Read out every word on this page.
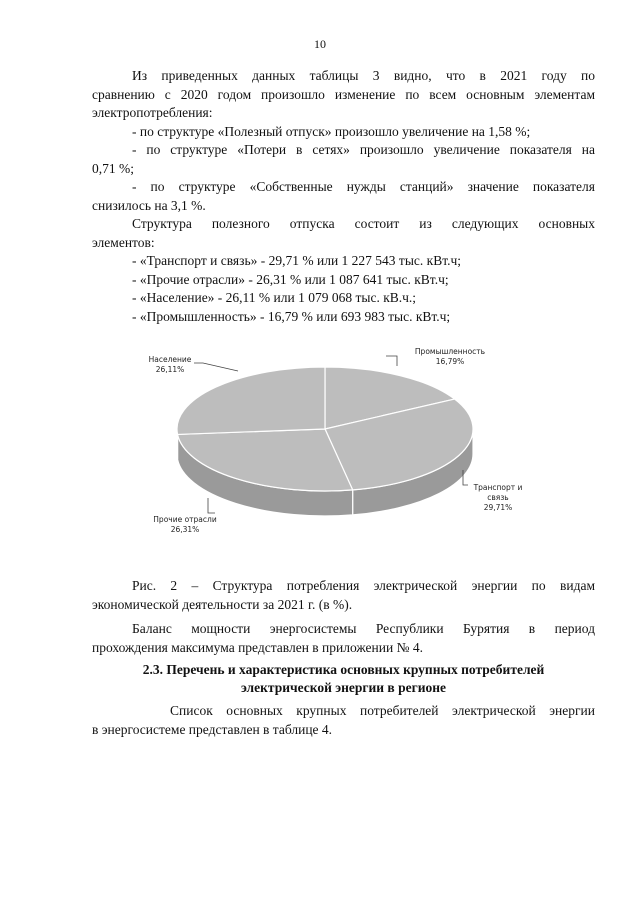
10
Из приведенных данных таблицы 3 видно, что в 2021 году по
сравнению с 2020 годом произошло изменение по всем основным элементам
электропотребления:
- по структуре «Полезный отпуск» произошло увеличение на 1,58 %;
- по структуре «Потери в сетях» произошло увеличение показателя на
0,71 %;
- по структуре «Собственные нужды станций» значение показателя
снизилось на 3,1 %.
Структура полезного отпуска состоит из следующих основных
элементов:
- «Транспорт и связь» - 29,71 % или 1 227 543 тыс. кВт.ч;
- «Прочие отрасли» - 26,31 % или 1 087 641 тыс. кВт.ч;
- «Население» - 26,11 % или 1 079 068 тыс. кВ.ч.;
- «Промышленность» - 16,79 % или 693 983 тыс. кВт.ч;
Промышленность 16,79%
Транспорт и связь 29,71%
Прочие отрасли 26,31%
Население 26,11%
Рис. 2 – Структура потребления электрической энергии по видам
экономической деятельности за 2021 г. (в %).
Баланс мощности энергосистемы Республики Бурятия в период
прохождения максимума представлен в приложении № 4.
2.3. Перечень и характеристика основных крупных потребителей
электрической энергии в регионе
Список основных крупных потребителей электрической энергии
в энергосистеме представлен в таблице 4.
